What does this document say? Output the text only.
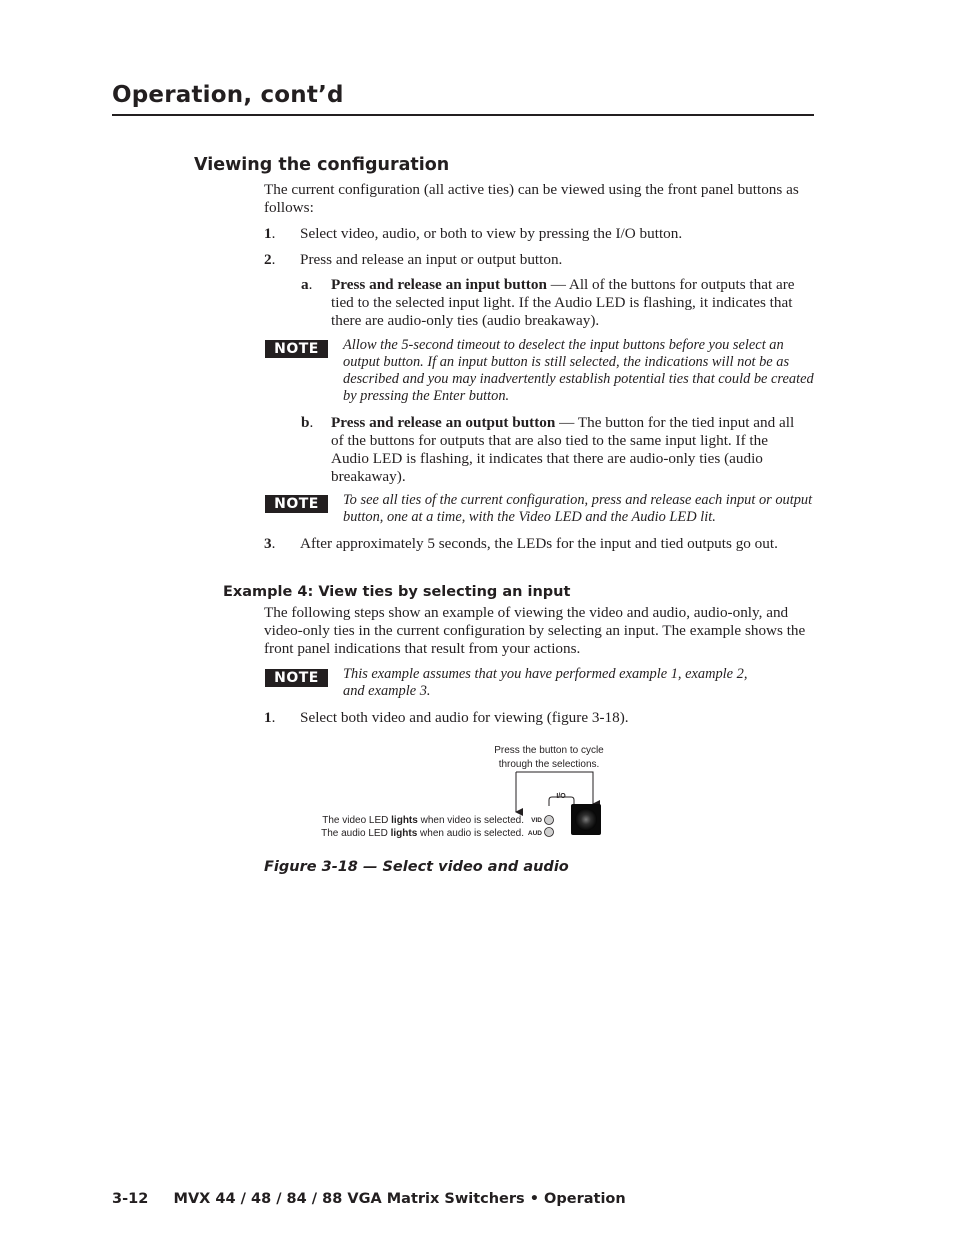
Operation, cont’d
Viewing the configuration
The current configuration (all active ties) can be viewed using the front panel buttons as follows:
1. Select video, audio, or both to view by pressing the I/O button.
2. Press and release an input or output button.
a. Press and release an input button — All of the buttons for outputs that are tied to the selected input light. If the Audio LED is flashing, it indicates that there are audio-only ties (audio breakaway).
NOTE	Allow the 5-second timeout to deselect the input buttons before you select an output button. If an input button is still selected, the indications will not be as described and you may inadvertently establish potential ties that could be created by pressing the Enter button.
b. Press and release an output button — The button for the tied input and all of the buttons for outputs that are also tied to the same input light. If the Audio LED is flashing, it indicates that there are audio-only ties (audio breakaway).
NOTE	To see all ties of the current configuration, press and release each input or output button, one at a time, with the Video LED and the Audio LED lit.
3. After approximately 5 seconds, the LEDs for the input and tied outputs go out.
Example 4: View ties by selecting an input
The following steps show an example of viewing the video and audio, audio-only, and video-only ties in the current configuration by selecting an input. The example shows the front panel indications that result from your actions.
NOTE	This example assumes that you have performed example 1, example 2, and example 3.
1. Select both video and audio for viewing (figure 3-18).
Press the button to cycle
through the selections.
I/O
VID
AUD
The video LED lights when video is selected.
The audio LED lights when audio is selected.
Figure 3-18 — Select video and audio
3-12     MVX 44 / 48 / 84 / 88 VGA Matrix Switchers • Operation
